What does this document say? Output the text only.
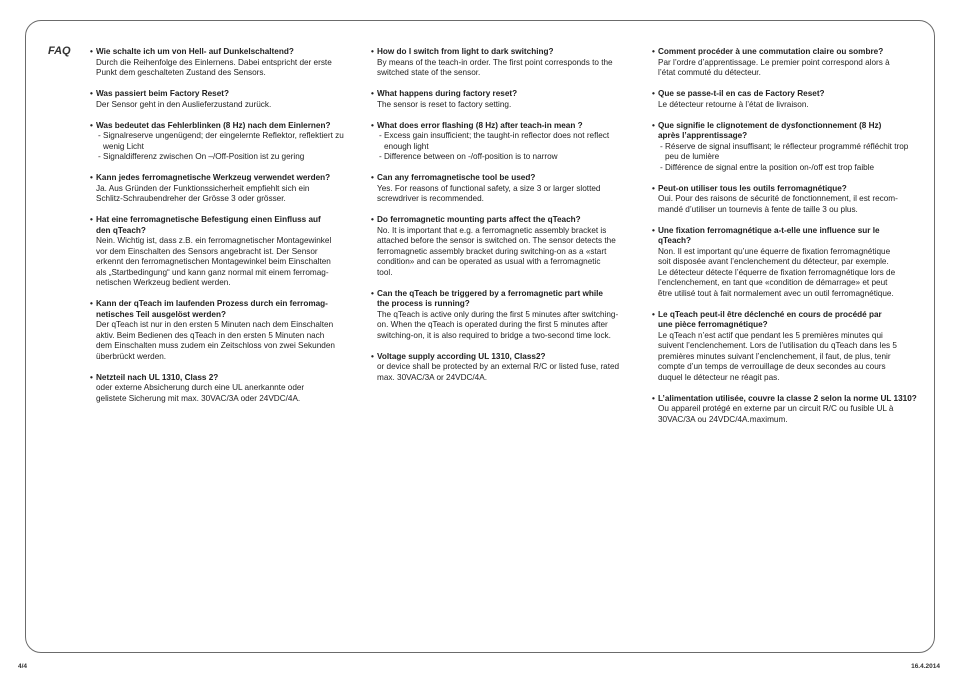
FAQ • Wie schalte ich um von Hell- auf Dunkelschaltend?
Durch die Reihenfolge des Einlernens. Dabei entspricht der erste
Punkt dem geschalteten Zustand des Sensors.
• Was passiert beim Factory Reset?
Der Sensor geht in den Auslieferzustand zurück.
• Was bedeutet das Fehlerblinken (8 Hz) nach dem Einlernen?
- Signalreserve ungenügend; der eingelernte Reflektor, reflektiert zu wenig Licht
- Signaldifferenz zwischen On –/Off-Position ist zu gering
• Kann jedes ferromagnetische Werkzeug verwendet werden?
Ja. Aus Gründen der Funktionssicherheit empfiehlt sich ein
Schlitz-Schraubendreher der Grösse 3 oder grösser.
• Hat eine ferromagnetische Befestigung einen Einfluss auf
den qTeach?
Nein. Wichtig ist, dass z.B. ein ferromagnetischer Montagewinkel
vor dem Einschalten des Sensors angebracht ist. Der Sensor
erkennt den ferromagnetischen Montagewinkel beim Einschalten
als „Startbedingung“ und kann ganz normal mit einem ferromag-
netischen Werkzeug bedient werden.
• Kann der qTeach im laufenden Prozess durch ein ferromag-
netisches Teil ausgelöst werden?
Der qTeach ist nur in den ersten 5 Minuten nach dem Einschalten
aktiv. Beim Bedienen des qTeach in den ersten 5 Minuten nach
dem Einschalten muss zudem ein Zeitschloss von zwei Sekunden
überbrückt werden.
• Netzteil nach UL 1310, Class 2?
oder externe Absicherung durch eine UL anerkannte oder
gelistete Sicherung mit max. 30VAC/3A oder 24VDC/4A.
• How do I switch from light to dark switching?
By means of the teach-in order. The first point corresponds to the
switched state of the sensor.
• What happens during factory reset?
The sensor is reset to factory setting.
• What does error flashing (8 Hz) after teach-in mean ?
- Excess gain insufficient; the taught-in reflector does not reflect enough light
- Difference between on -/off-position is to narrow
• Can any ferromagnetische tool be used?
Yes. For reasons of functional safety, a size 3 or larger slotted
screwdriver is recommended.
• Do ferromagnetic mounting parts affect the qTeach?
No. It is important that e.g. a ferromagnetic assembly bracket is
attached before the sensor is switched on. The sensor detects the
ferromagnetic assembly bracket during switching-on as a «start
condition» and can be operated as usual with a ferromagnetic
tool.
• Can the qTeach be triggered by a ferromagnetic part while
the process is running?
The qTeach is active only during the first 5 minutes after switching-
on. When the qTeach is operated during the first 5 minutes after
switching-on, it is also required to bridge a two-second time lock.
• Voltage supply according UL 1310, Class2?
or device shall be protected by an external R/C or listed fuse, rated
max. 30VAC/3A or 24VDC/4A.
• Comment procéder à une commutation claire ou sombre?
Par l’ordre d’apprentissage. Le premier point correspond alors à
l’état commuté du détecteur.
• Que se passe-t-il en cas de Factory Reset?
Le détecteur retourne à l’état de livraison.
• Que signifie le clignotement de dysfonctionnement (8 Hz)
après l’apprentissage?
- Réserve de signal insuffisant; le réflecteur programmé réfléchit trop peu de lumière
- Différence de signal entre la position on-/off est trop faible
• Peut-on utiliser tous les outils ferromagnétique?
Oui. Pour des raisons de sécurité de fonctionnement, il est recom-
mandé d’utiliser un tournevis à fente de taille 3 ou plus.
• Une fixation ferromagnétique a-t-elle une influence sur le
qTeach?
Non. Il est important qu’une équerre de fixation ferromagnétique
soit disposée avant l’enclenchement du détecteur, par exemple.
Le détecteur détecte l’équerre de fixation ferromagnétique lors de
l’enclenchement, en tant que «condition de démarrage» et peut
être utilisé tout à fait normalement avec un outil ferromagnétique.
• Le qTeach peut-il être déclenché en cours de procédé par
une pièce ferromagnétique?
Le qTeach n’est actif que pendant les 5 premières minutes qui
suivent l’enclenchement. Lors de l’utilisation du qTeach dans les 5
premières minutes suivant l’enclenchement, il faut, de plus, tenir
compte d’un temps de verrouillage de deux secondes au cours
duquel le détecteur ne réagit pas.
• L’alimentation utilisée, couvre la classe 2 selon la norme UL 1310?
Ou appareil protégé en externe par un circuit R/C ou fusible UL à
30VAC/3A ou 24VDC/4A.maximum.
4/4	16.4.2014
